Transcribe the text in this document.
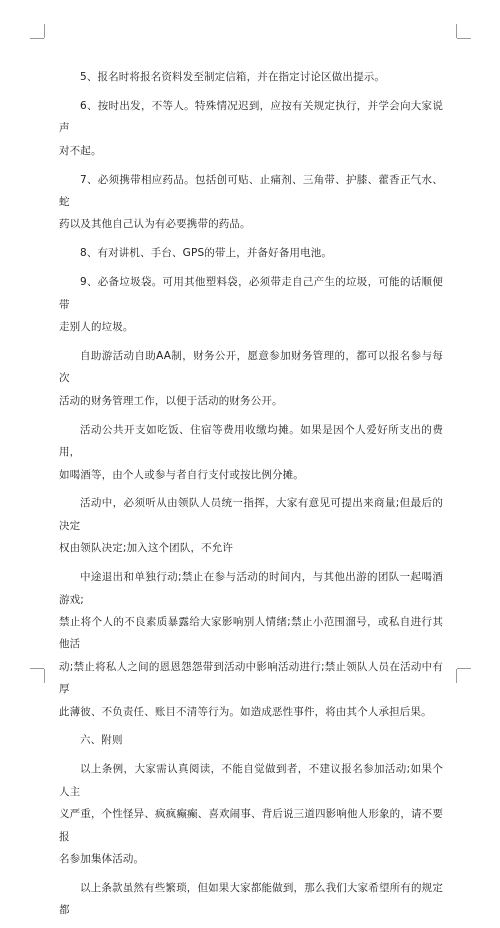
5、报名时将报名资料发至制定信箱，并在指定讨论区做出提示。

6、按时出发，不等人。特殊情况迟到，应按有关规定执行，并学会向大家说声
对不起。

7、必须携带相应药品。包括创可贴、止痛剂、三角带、护膝、藿香正气水、蛇
药以及其他自己认为有必要携带的药品。

8、有对讲机、手台、GPS的带上，并备好备用电池。

9、必备垃圾袋。可用其他塑料袋，必须带走自己产生的垃圾，可能的话顺便带
走别人的垃圾。

自助游活动自助AA制，财务公开，愿意参加财务管理的，都可以报名参与每次
活动的财务管理工作，以便于活动的财务公开。

活动公共开支如吃饭、住宿等费用收缴均摊。如果是因个人爱好所支出的费用，
如喝酒等，由个人或参与者自行支付或按比例分摊。

活动中，必须听从由领队人员统一指挥，大家有意见可提出来商量;但最后的决定
权由领队决定;加入这个团队，不允许

中途退出和单独行动;禁止在参与活动的时间内，与其他出游的团队一起喝酒游戏;
禁止将个人的不良素质暴露给大家影响别人情绪;禁止小范围溜号，或私自进行其他活
动;禁止将私人之间的恩恩怨怨带到活动中影响活动进行;禁止领队人员在活动中有厚
此薄彼、不负责任、账目不清等行为。如造成恶性事件，将由其个人承担后果。

六、附则

以上条例，大家需认真阅读，不能自觉做到者，不建议报名参加活动;如果个人主
义严重，个性怪异、疯疯癫癫、喜欢闹事、背后说三道四影响他人形象的，请不要报
名参加集体活动。

以上条款虽然有些繁琐，但如果大家都能做到，那么我们大家希望所有的规定都
